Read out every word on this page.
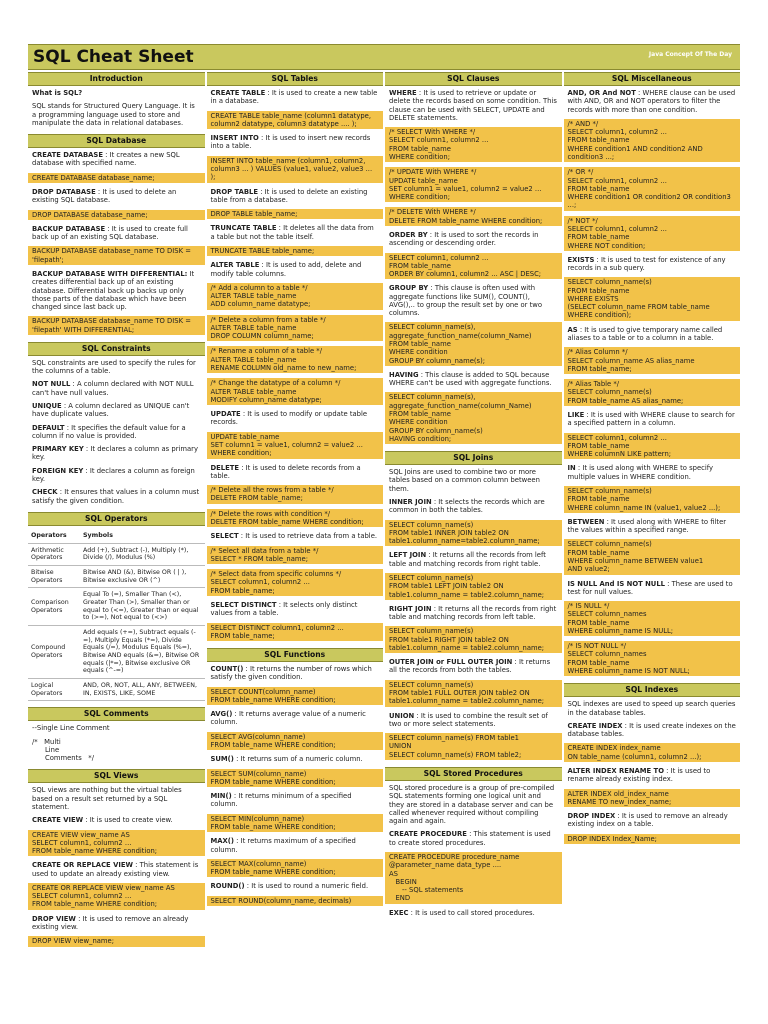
SQL Cheat Sheet	Java Concept Of The Day
Introduction
What is SQL?
SQL stands for Structured Query Language. It is a programming language used to store and manipulate the data in relational databases.
SQL Database
CREATE DATABASE : It creates a new SQL database with specified name.
CREATE DATABASE database_name;
DROP DATABASE : It is used to delete an existing SQL database.
DROP DATABASE database_name;
BACKUP DATABASE : It is used to create full back up of an existing SQL database.
BACKUP DATABASE database_name TO DISK = 'filepath';
BACKUP DATABASE WITH DIFFERENTIAL: It creates differential back up of an existing database. Differential back up backs up only those parts of the database which have been changed since last back up.
BACKUP DATABASE database_name TO DISK = 'filepath' WITH DIFFERENTIAL;
SQL Constraints
SQL constraints are used to specify the rules for the columns of a table.
NOT NULL : A column declared with NOT NULL can't have null values.
UNIQUE : A column declared as UNIQUE can't have duplicate values.
DEFAULT : It specifies the default value for a column if no value is provided.
PRIMARY KEY : It declares a column as primary key.
FOREIGN KEY : It declares a column as foreign key.
CHECK : It ensures that values in a column must satisfy the given condition.
SQL Operators
Operators	Symbols
Arithmetic Operators	Add (+), Subtract (-), Multiply (*), Divide (/), Modulus (%)
Bitwise Operators	Bitwise AND (&), Bitwise OR ( | ), Bitwise exclusive OR (^)
Comparison Operators	Equal To (=), Smaller Than (<), Greater Than (>), Smaller than or equal to (<=), Greater than or equal to (>=), Not equal to (<>)
Compound Operators	Add equals (+=), Subtract equals (-=), Multiply Equals (*=), Divide Equals (/=), Modulus Equals (%=), Bitwise AND equals (&=), Bitwise OR equals (|*=), Bitwise exclusive OR equals (^-=)
Logical Operators	AND, OR, NOT, ALL, ANY, BETWEEN, IN, EXISTS, LIKE, SOME
SQL Comments
--Single Line Comment
/*   Multi
Line
Comments   */
SQL Views
SQL views are nothing but the virtual tables based on a result set returned by a SQL statement.
CREATE VIEW : It is used to create view.
CREATE VIEW view_name AS
SELECT column1, column2 ...
FROM table_name WHERE condition;
CREATE OR REPLACE VIEW : This statement is used to update an already existing view.
CREATE OR REPLACE VIEW view_name AS
SELECT column1, column2 ...
FROM table_name WHERE condition;
DROP VIEW : It is used to remove an already existing view.
DROP VIEW view_name;
SQL Tables
CREATE TABLE : It is used to create a new table in a database.
CREATE TABLE table_name (column1 datatype, column2 datatype, column3 datatype .... );
INSERT INTO : It is used to insert new records into a table.
INSERT INTO table_name (column1, column2, column3 ... ) VALUES (value1, value2, value3 ... );
DROP TABLE : It is used to delete an existing table from a database.
DROP TABLE table_name;
TRUNCATE TABLE : It deletes all the data from a table but not the table itself.
TRUNCATE TABLE table_name;
ALTER TABLE : It is used to add, delete and modify table columns.
/* Add a column to a table */
ALTER TABLE table_name
ADD column_name datatype;
/* Delete a column from a table */
ALTER TABLE table_name
DROP COLUMN column_name;
/* Rename a column of a table */
ALTER TABLE table_name
RENAME COLUMN old_name to new_name;
/* Change the datatype of a column */
ALTER TABLE table_name
MODIFY column_name datatype;
UPDATE : It is used to modify or update table records.
UPDATE table_name
SET column1 = value1, column2 = value2 ...
WHERE condition;
DELETE : It is used to delete records from a table.
/* Delete all the rows from a table */
DELETE FROM table_name;
/* Delete the rows with condition */
DELETE FROM table_name WHERE condition;
SELECT : It is used to retrieve data from a table.
/* Select all data from a table */
SELECT * FROM table_name;
/* Select data from specific columns */
SELECT column1, column2 ...
FROM table_name;
SELECT DISTINCT : It selects only distinct values from a table.
SELECT DISTINCT column1, column2 ...
FROM table_name;
SQL Functions
COUNT() : It returns the number of rows which satisfy the given condition.
SELECT COUNT(column_name)
FROM table_name WHERE condition;
AVG() : It returns average value of a numeric column.
SELECT AVG(column_name)
FROM table_name WHERE condition;
SUM() : It returns sum of a numeric column.
SELECT SUM(column_name)
FROM table_name WHERE condition;
MIN() : It returns minimum of a specified column.
SELECT MIN(column_name)
FROM table_name WHERE condition;
MAX() : It returns maximum of a specified column.
SELECT MAX(column_name)
FROM table_name WHERE condition;
ROUND() : It is used to round a numeric field.
SELECT ROUND(column_name, decimals)
SQL Clauses
WHERE : It is used to retrieve or update or delete the records based on some condition. This clause can be used with SELECT, UPDATE and DELETE statements.
/* SELECT With WHERE */
SELECT column1, column2 ...
FROM table_name
WHERE condition;
/* UPDATE With WHERE */
UPDATE table_name
SET column1 = value1, column2 = value2 ...
WHERE condition;
/* DELETE With WHERE */
DELETE FROM table_name WHERE condition;
ORDER BY : It is used to sort the records in ascending or descending order.
SELECT column1, column2 ...
FROM table_name
ORDER BY column1, column2 ... ASC | DESC;
GROUP BY : This clause is often used with aggregate functions like SUM(), COUNT(), AVG(),.. to group the result set by one or two columns.
SELECT column_name(s),
aggregate_function_name(column_Name)
FROM table_name
WHERE condition
GROUP BY column_name(s);
HAVING : This clause is added to SQL because WHERE can't be used with aggregate functions.
SELECT column_name(s),
aggregate_function_name(column_Name)
FROM table_name
WHERE condition
GROUP BY column_name(s)
HAVING condition;
SQL Joins
SQL Joins are used to combine two or more tables based on a common column between them.
INNER JOIN : It selects the records which are common in both the tables.
SELECT column_name(s)
FROM table1 INNER JOIN table2 ON
table1.column_name=table2.column_name;
LEFT JOIN : It returns all the records from left table and matching records from right table.
SELECT column_name(s)
FROM table1 LEFT JOIN table2 ON
table1.column_name = table2.column_name;
RIGHT JOIN : It returns all the records from right table and matching records from left table.
SELECT column_name(s)
FROM table1 RIGHT JOIN table2 ON
table1.column_name = table2.column_name;
OUTER JOIN or FULL OUTER JOIN : It returns all the records from both the tables.
SELECT column_name(s)
FROM table1 FULL OUTER JOIN table2 ON
table1.column_name = table2.column_name;
UNION : It is used to combine the result set of two or more select statements.
SELECT column_name(s) FROM table1
UNION
SELECT column_name(s) FROM table2;
SQL Stored Procedures
SQL stored procedure is a group of pre-compiled SQL statements forming one logical unit and they are stored in a database server and can be called whenever required without compiling again and again.
CREATE PROCEDURE : This statement is used to create stored procedures.
CREATE PROCEDURE procedure_name
@parameter_name data_type ....
AS
BEGIN
-- SQL statements
END
EXEC : It is used to call stored procedures.
SQL Miscellaneous
AND, OR And NOT : WHERE clause can be used with AND, OR and NOT operators to filter the records with more than one condition.
/* AND */
SELECT column1, column2 ...
FROM table_name
WHERE condition1 AND condition2 AND condition3 ...;
/* OR */
SELECT column1, column2 ...
FROM table_name
WHERE condition1 OR condition2 OR condition3 ...;
/* NOT */
SELECT column1, column2 ...
FROM table_name
WHERE NOT condition;
EXISTS : It is used to test for existence of any records in a sub query.
SELECT column_name(s)
FROM table_name
WHERE EXISTS
(SELECT column_name FROM table_name
WHERE condition);
AS : It is used to give temporary name called aliases to a table or to a column in a table.
/* Alias Column */
SELECT column_name AS alias_name
FROM table_name;
/* Alias Table */
SELECT column_name(s)
FROM table_name AS alias_name;
LIKE : It is used with WHERE clause to search for a specified pattern in a column.
SELECT column1, column2 ...
FROM table_name
WHERE columnN LIKE pattern;
IN : It is used along with WHERE to specify multiple values in WHERE condition.
SELECT column_name(s)
FROM table_name
WHERE column_name IN (value1, value2 ...);
BETWEEN : It used along with WHERE to filter the values within a specified range.
SELECT column_name(s)
FROM table_name
WHERE column_name BETWEEN value1
AND value2;
IS NULL And IS NOT NULL : These are used to test for null values.
/* IS NULL */
SELECT column_names
FROM table_name
WHERE column_name IS NULL;
/* IS NOT NULL */
SELECT column_names
FROM table_name
WHERE column_name IS NOT NULL;
SQL Indexes
SQL indexes are used to speed up search queries in the database tables.
CREATE INDEX : It is used create indexes on the database tables.
CREATE INDEX index_name
ON table_name (column1, column2 ...);
ALTER INDEX RENAME TO : It is used to rename already existing index.
ALTER INDEX old_index_name
RENAME TO new_index_name;
DROP INDEX : It is used to remove an already existing index on a table.
DROP INDEX Index_Name;
